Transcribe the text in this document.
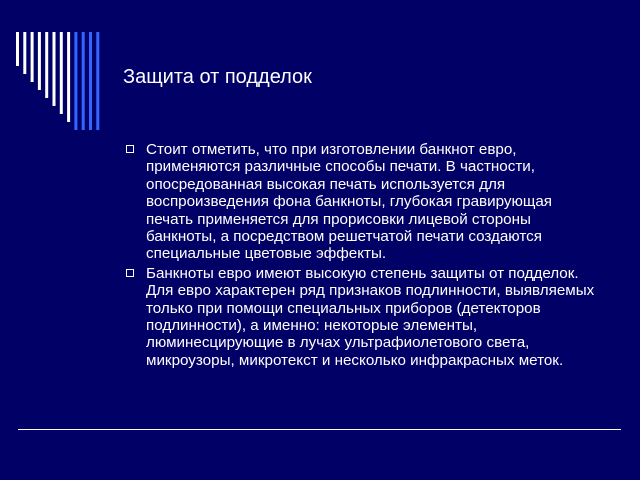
Защита от подделок
Стоит отметить, что при изготовлении банкнот евро, применяются различные способы печати. В частности, опосредованная высокая печать используется для воспроизведения фона банкноты, глубокая гравирующая печать применяется для прорисовки лицевой стороны банкноты, а посредством решетчатой печати создаются специальные цветовые эффекты.
Банкноты евро имеют высокую степень защиты от подделок. Для евро характерен ряд признаков подлинности, выявляемых только при помощи специальных приборов (детекторов подлинности), а именно: некоторые элементы, люминесцирующие в лучах ультрафиолетового света, микроузоры, микротекст и несколько инфракрасных меток.
